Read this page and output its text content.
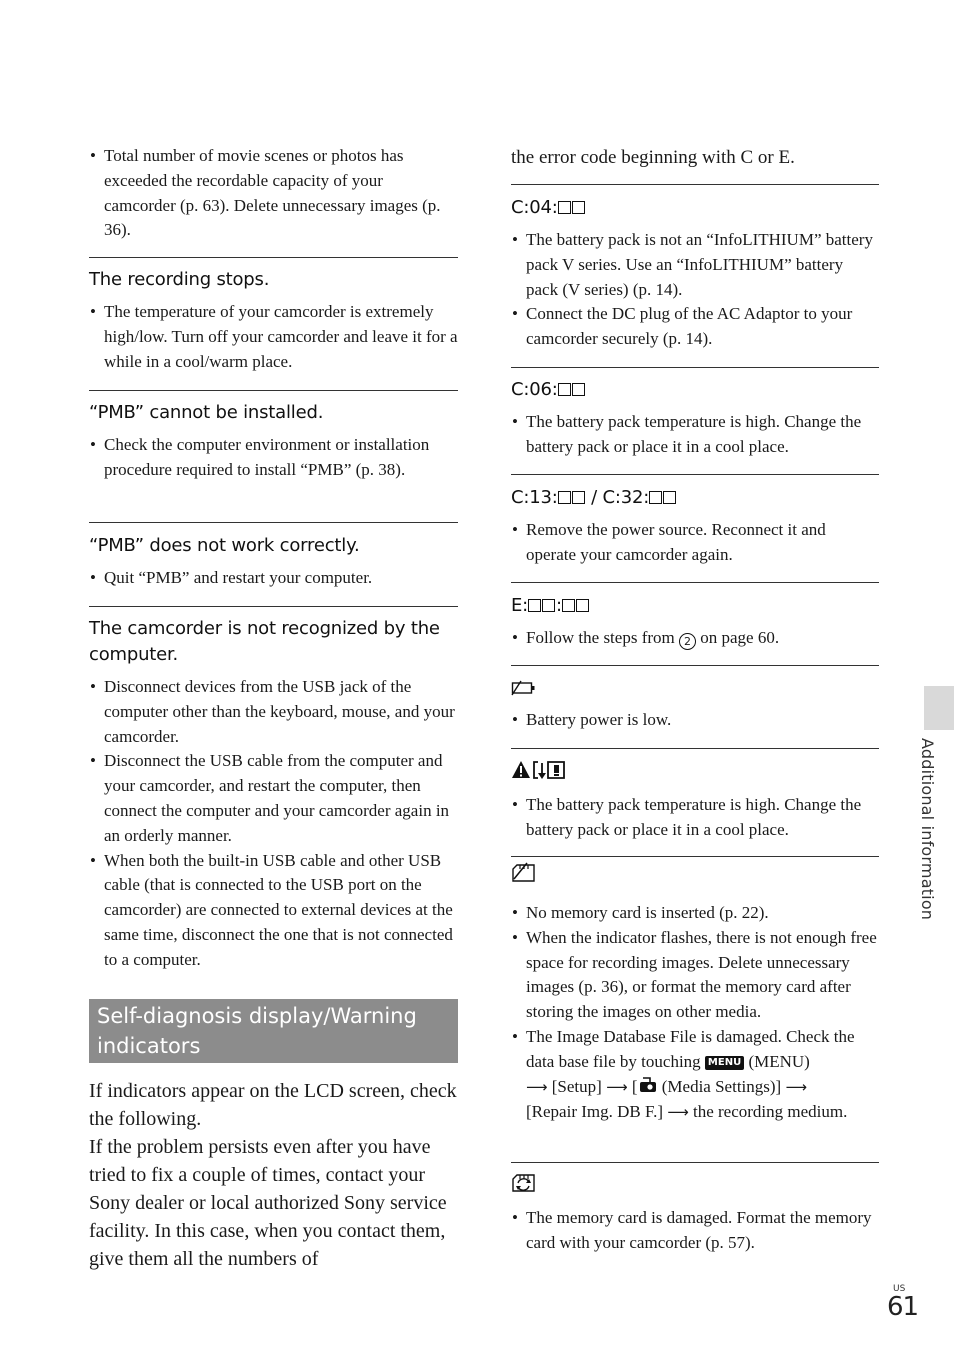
• Total number of movie scenes or photos has exceeded the recordable capacity of your camcorder (p. 63). Delete unnecessary images (p. 36).

The recording stops.

• The temperature of your camcorder is extremely high/low. Turn off your camcorder and leave it for a while in a cool/warm place.

“PMB” cannot be installed.

• Check the computer environment or installation procedure required to install “PMB” (p. 38).

“PMB” does not work correctly.

• Quit “PMB” and restart your computer.

The camcorder is not recognized by the computer.

• Disconnect devices from the USB jack of the computer other than the keyboard, mouse, and your camcorder.
• Disconnect the USB cable from the computer and your camcorder, and restart the computer, then connect the computer and your camcorder again in an orderly manner.
• When both the built-in USB cable and other USB cable (that is connected to the USB port on the camcorder) are connected to external devices at the same time, disconnect the one that is not connected to a computer.

If indicators appear on the LCD screen, check the following.

If the problem persists even after you have tried to fix a couple of times, contact your Sony dealer or local authorized Sony service facility. In this case, when you contact them, give them all the numbers of

Self-diagnosis display/Warning indicators

the error code beginning with C or E.

C:04:

• The battery pack is not an “InfoLITHIUM” battery pack V series. Use an “InfoLITHIUM” battery pack (V series) (p. 14).
• Connect the DC plug of the AC Adaptor to your camcorder securely (p. 14).

C:06:

• The battery pack temperature is high. Change the battery pack or place it in a cool place.

C:13: / C:32:

• Remove the power source. Reconnect it and operate your camcorder again.

E: :

• Follow the steps from 2 on page 60.
• Battery power is low.
• The battery pack temperature is high. Change the battery pack or place it in a cool place.
• No memory card is inserted (p. 22).
• When the indicator flashes, there is not enough free space for recording images. Delete unnecessary images (p. 36), or format the memory card after storing the images on other media.
• The Image Database File is damaged. Check the data base file by touching MENU (MENU)
⟶ [Setup] ⟶ [ (Media Settings)] ⟶
[Repair Img. DB F.] ⟶ the recording medium.
• The memory card is damaged. Format the memory card with your camcorder (p. 57).
Additional information
US
61
